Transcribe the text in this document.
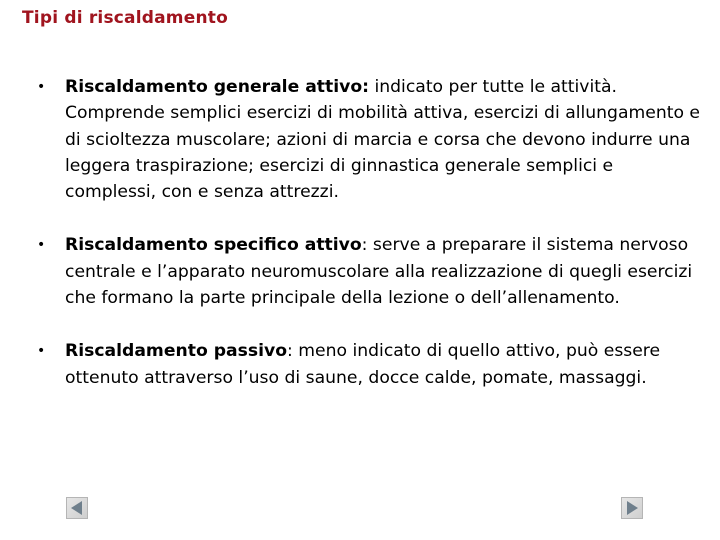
Tipi di riscaldamento
• Riscaldamento generale attivo: indicato per tutte le attività. Comprende semplici esercizi di mobilità attiva, esercizi di allungamento e di scioltezza muscolare; azioni di marcia e corsa che devono indurre una leggera traspirazione; esercizi di ginnastica generale semplici e complessi, con e senza attrezzi.
• Riscaldamento specifico attivo: serve a preparare il sistema nervoso centrale e l’apparato neuromuscolare alla realizzazione di quegli esercizi che formano la parte principale della lezione o dell’allenamento.
• Riscaldamento passivo: meno indicato di quello attivo, può essere ottenuto attraverso l’uso di saune, docce calde, pomate, massaggi.
